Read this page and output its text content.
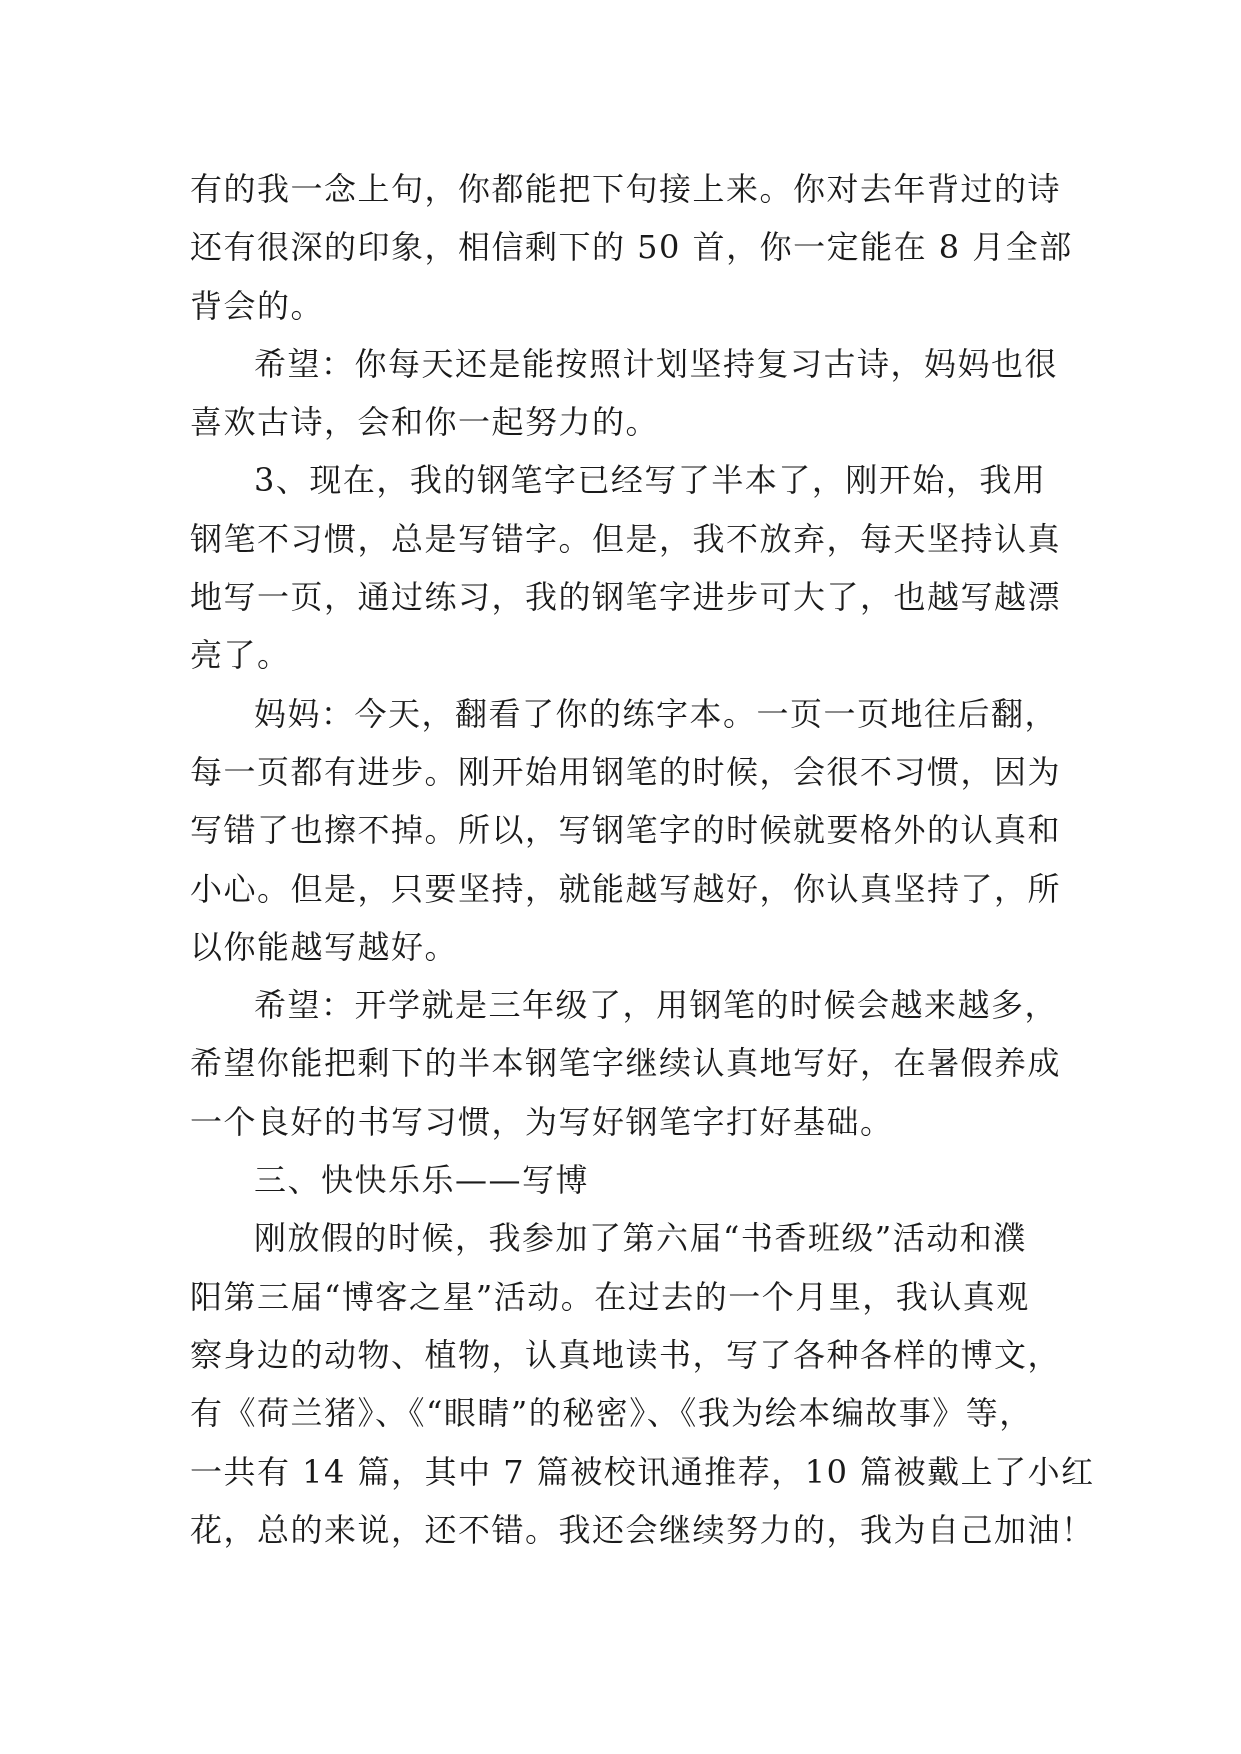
有的我一念上句，你都能把下句接上来。你对去年背过的诗
还有很深的印象，相信剩下的 50 首，你一定能在 8 月全部
背会的。
希望：你每天还是能按照计划坚持复习古诗，妈妈也很
喜欢古诗，会和你一起努力的。
3、现在，我的钢笔字已经写了半本了，刚开始，我用
钢笔不习惯，总是写错字。但是，我不放弃，每天坚持认真
地写一页，通过练习，我的钢笔字进步可大了，也越写越漂
亮了。
妈妈：今天，翻看了你的练字本。一页一页地往后翻，
每一页都有进步。刚开始用钢笔的时候，会很不习惯，因为
写错了也擦不掉。所以，写钢笔字的时候就要格外的认真和
小心。但是，只要坚持，就能越写越好，你认真坚持了，所
以你能越写越好。
希望：开学就是三年级了，用钢笔的时候会越来越多，
希望你能把剩下的半本钢笔字继续认真地写好，在暑假养成
一个良好的书写习惯，为写好钢笔字打好基础。
三、快快乐乐——写博
刚放假的时候，我参加了第六届“书香班级”活动和濮
阳第三届“博客之星”活动。在过去的一个月里，我认真观
察身边的动物、植物，认真地读书，写了各种各样的博文，
有《荷兰猪》、《“眼睛”的秘密》、《我为绘本编故事》等，
一共有 14 篇，其中 7 篇被校讯通推荐，10 篇被戴上了小红
花，总的来说，还不错。我还会继续努力的，我为自己加油！
